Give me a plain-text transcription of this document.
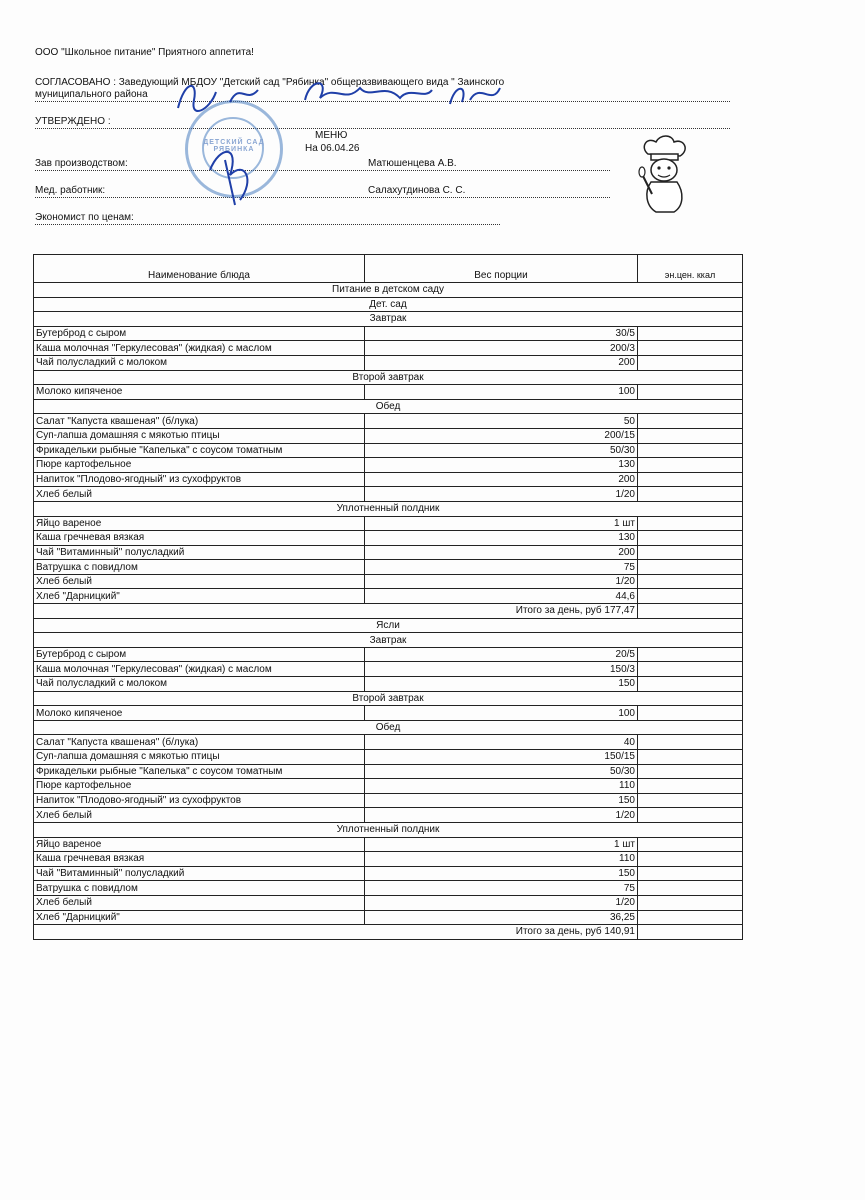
ООО "Школьное питание" Приятного аппетита!
СОГЛАСОВАНО : Заведующий МБДОУ "Детский сад "Рябинка" общеразвивающего вида " Заинского
муниципального района
УТВЕРЖДЕНО :
МЕНЮ
На 06.04.26
Зав производством:	Матюшенцева А.В.
Мед. работник:	Салахутдинова С. С.
Экономист по ценам:
ДЕТСКИЙ САД РЯБИНКА
Наименование блюда	Вес порции	эн.цен. ккал
Питание в детском саду		
Дет. сад		
Завтрак		
Бутерброд с сыром	30/5	
Каша молочная "Геркулесовая" (жидкая) с маслом	200/3	
Чай полусладкий с молоком	200	
Второй завтрак		
Молоко кипяченое	100	
Обед		
Салат "Капуста квашеная" (б/лука)	50	
Суп-лапша домашняя с мякотью птицы	200/15	
Фрикадельки рыбные "Капелька" с соусом томатным	50/30	
Пюре картофельное	130	
Напиток "Плодово-ягодный" из сухофруктов	200	
Хлеб белый	1/20	
Уплотненный полдник		
Яйцо вареное	1 шт	
Каша гречневая вязкая	130	
Чай "Витаминный" полусладкий	200	
Ватрушка с повидлом	75	
Хлеб белый	1/20	
Хлеб "Дарницкий"	44,6	
Итого за день, руб 177,47		
Ясли		
Завтрак		
Бутерброд с сыром	20/5	
Каша молочная "Геркулесовая" (жидкая) с маслом	150/3	
Чай полусладкий с молоком	150	
Второй завтрак		
Молоко кипяченое	100	
Обед		
Салат "Капуста квашеная" (б/лука)	40	
Суп-лапша домашняя с мякотью птицы	150/15	
Фрикадельки рыбные "Капелька" с соусом томатным	50/30	
Пюре картофельное	110	
Напиток "Плодово-ягодный" из сухофруктов	150	
Хлеб белый	1/20	
Уплотненный полдник		
Яйцо вареное	1 шт	
Каша гречневая вязкая	110	
Чай "Витаминный" полусладкий	150	
Ватрушка с повидлом	75	
Хлеб белый	1/20	
Хлеб "Дарницкий"	36,25	
Итого за день, руб 140,91		
